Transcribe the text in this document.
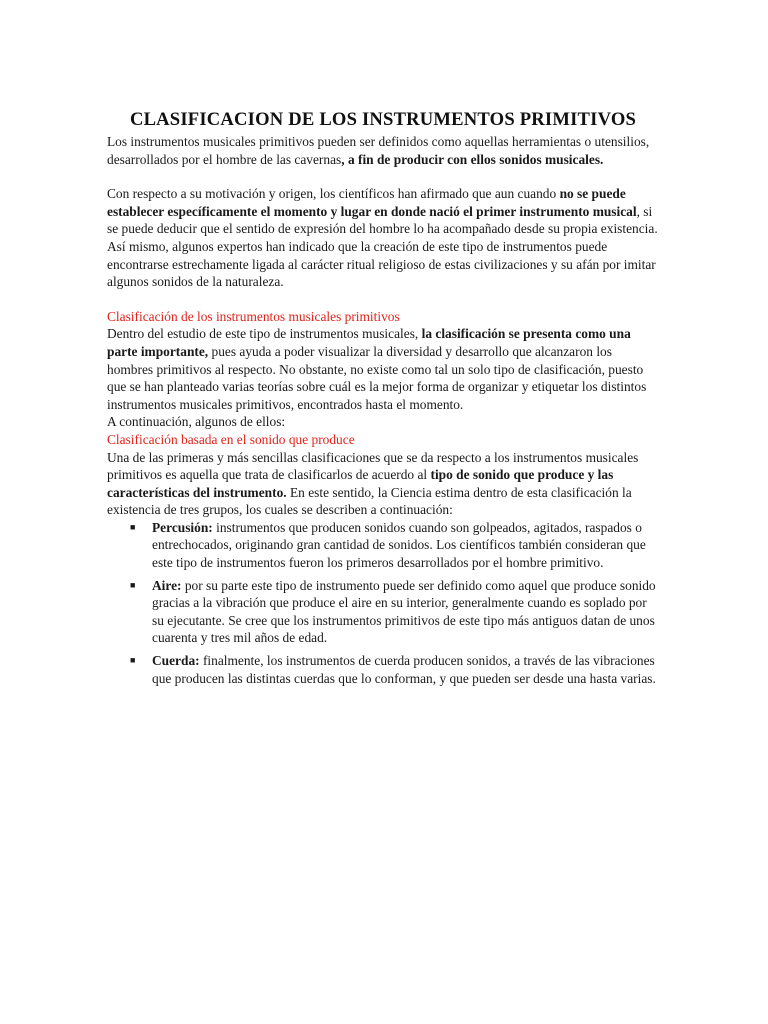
CLASIFICACION DE LOS INSTRUMENTOS PRIMITIVOS

Los instrumentos musicales primitivos pueden ser definidos como aquellas herramientas o utensilios, desarrollados por el hombre de las cavernas, a fin de producir con ellos sonidos musicales.

Con respecto a su motivación y origen, los científicos han afirmado que aun cuando no se puede establecer específicamente el momento y lugar en donde nació el primer instrumento musical, si se puede deducir que el sentido de expresión del hombre lo ha acompañado desde su propia existencia. Así mismo, algunos expertos han indicado que la creación de este tipo de instrumentos puede encontrarse estrechamente ligada al carácter ritual religioso de estas civilizaciones y su afán por imitar algunos sonidos de la naturaleza.

Clasificación de los instrumentos musicales primitivos

Dentro del estudio de este tipo de instrumentos musicales, la clasificación se presenta como una parte importante, pues ayuda a poder visualizar la diversidad y desarrollo que alcanzaron los hombres primitivos al respecto. No obstante, no existe como tal un solo tipo de clasificación, puesto que se han planteado varias teorías sobre cuál es la mejor forma de organizar y etiquetar los distintos instrumentos musicales primitivos, encontrados hasta el momento.

A continuación, algunos de ellos:

Clasificación basada en el sonido que produce

Una de las primeras y más sencillas clasificaciones que se da respecto a los instrumentos musicales primitivos es aquella que trata de clasificarlos de acuerdo al tipo de sonido que produce y las características del instrumento. En este sentido, la Ciencia estima dentro de esta clasificación la existencia de tres grupos, los cuales se describen a continuación:

■ Percusión: instrumentos que producen sonidos cuando son golpeados, agitados, raspados o entrechocados, originando gran cantidad de sonidos. Los científicos también consideran que este tipo de instrumentos fueron los primeros desarrollados por el hombre primitivo.
■ Aire: por su parte este tipo de instrumento puede ser definido como aquel que produce sonido gracias a la vibración que produce el aire en su interior, generalmente cuando es soplado por su ejecutante. Se cree que los instrumentos primitivos de este tipo más antiguos datan de unos cuarenta y tres mil años de edad.
■ Cuerda: finalmente, los instrumentos de cuerda producen sonidos, a través de las vibraciones que producen las distintas cuerdas que lo conforman, y que pueden ser desde una hasta varias.
